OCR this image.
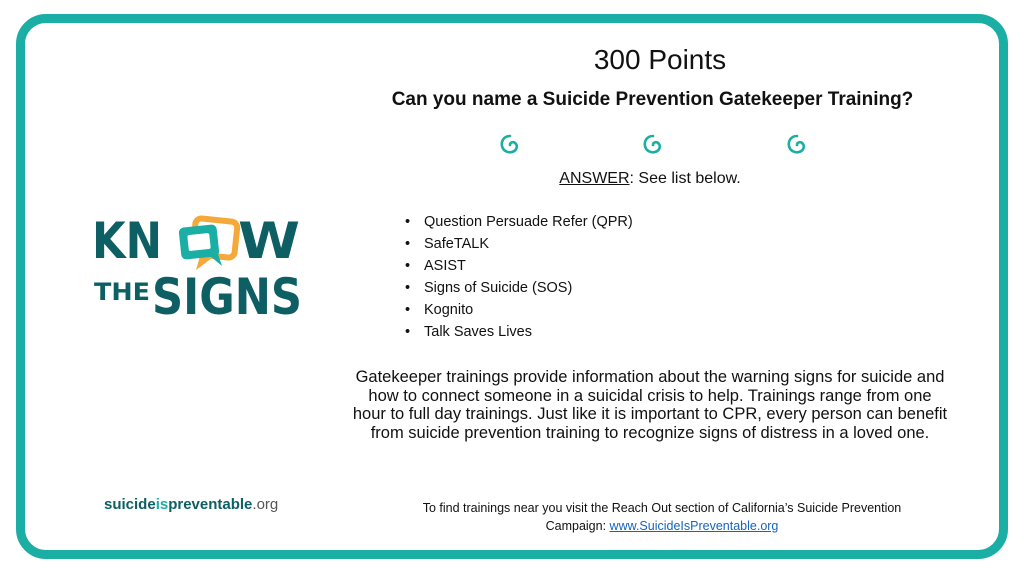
300 Points
Can you name a Suicide Prevention Gatekeeper Training?
ANSWER: See list below.
• Question Persuade Refer (QPR)
• SafeTALK
• ASIST
• Signs of Suicide (SOS)
• Kognito
• Talk Saves Lives
Gatekeeper trainings provide information about the warning signs for suicide and how to connect someone in a suicidal crisis to help. Trainings range from one hour to full day trainings. Just like it is important to CPR, every person can benefit from suicide prevention training to recognize signs of distress in a loved one.
To find trainings near you visit the Reach Out section of California’s Suicide Prevention
Campaign: www.SuicideIsPreventable.org
KN W
THE SIGNS
suicideispreventable.org
